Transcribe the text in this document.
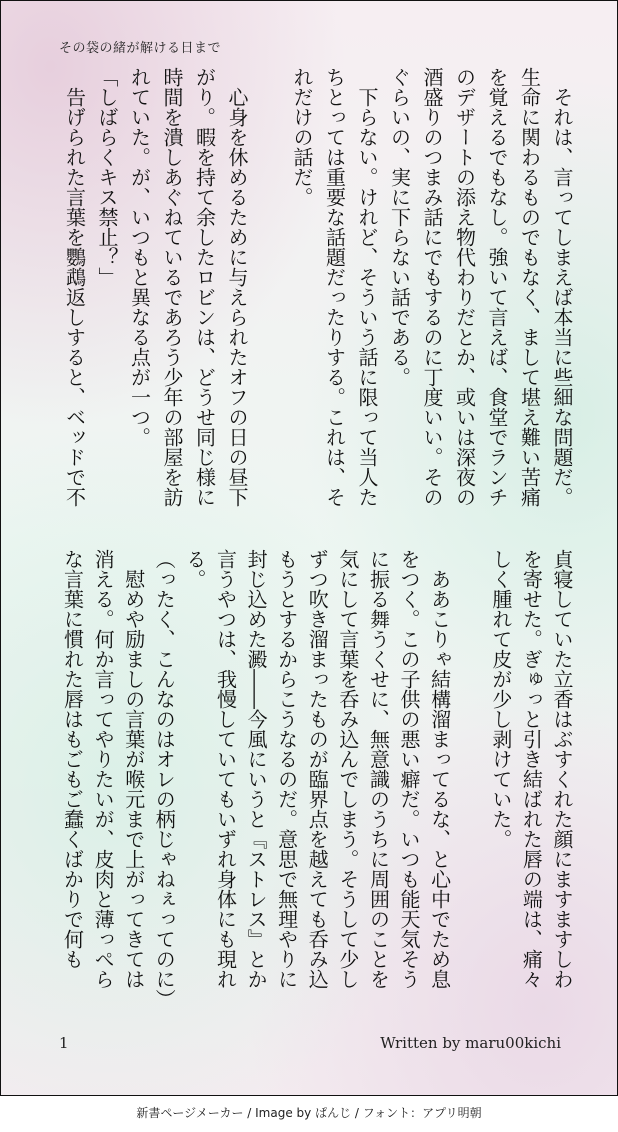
その袋の緒が解ける日まで
　それは、言ってしまえば本当に些細な問題だ。
生命に関わるものでもなく、まして堪え難い苦痛
を覚えるでもなし。強いて言えば、食堂でランチ
のデザートの添え物代わりだとか、或いは深夜の
酒盛りのつまみ話にでもするのに丁度いい。その
ぐらいの、実に下らない話である。
　下らない。けれど、そういう話に限って当人た
ちとっては重要な話題だったりする。これは、そ
れだけの話だ。
　心身を休めるために与えられたオフの日の昼下
がり。暇を持て余したロビンは、どうせ同じ様に
時間を潰しあぐねているであろう少年の部屋を訪
れていた。が、いつもと異なる点が一つ。
「しばらくキス禁止？」
　告げられた言葉を鸚鵡返しすると、ベッドで不
貞寝していた立香はぶすくれた顔にますますしわ
を寄せた。ぎゅっと引き結ばれた唇の端は、痛々
しく腫れて皮が少し剥けていた。
　ああこりゃ結構溜まってるな、と心中でため息
をつく。この子供の悪い癖だ。いつも能天気そう
に振る舞うくせに、無意識のうちに周囲のことを
気にして言葉を呑み込んでしまう。そうして少し
ずつ吹き溜まったものが臨界点を越えても呑み込
もうとするからこうなるのだ。意思で無理やりに
封じ込めた澱――今風にいうと『ストレス』とか
言うやつは、我慢していてもいずれ身体にも現れ
る。
（ったく、こんなのはオレの柄じゃねぇってのに）
　慰めや励ましの言葉が喉元まで上がってきては
消える。何か言ってやりたいが、皮肉と薄っぺら
な言葉に慣れた唇はもごもご蠢くばかりで何も
1	Written by maru00kichi
新書ページメーカー / Image by ぱんじ / フォント：アプリ明朝
